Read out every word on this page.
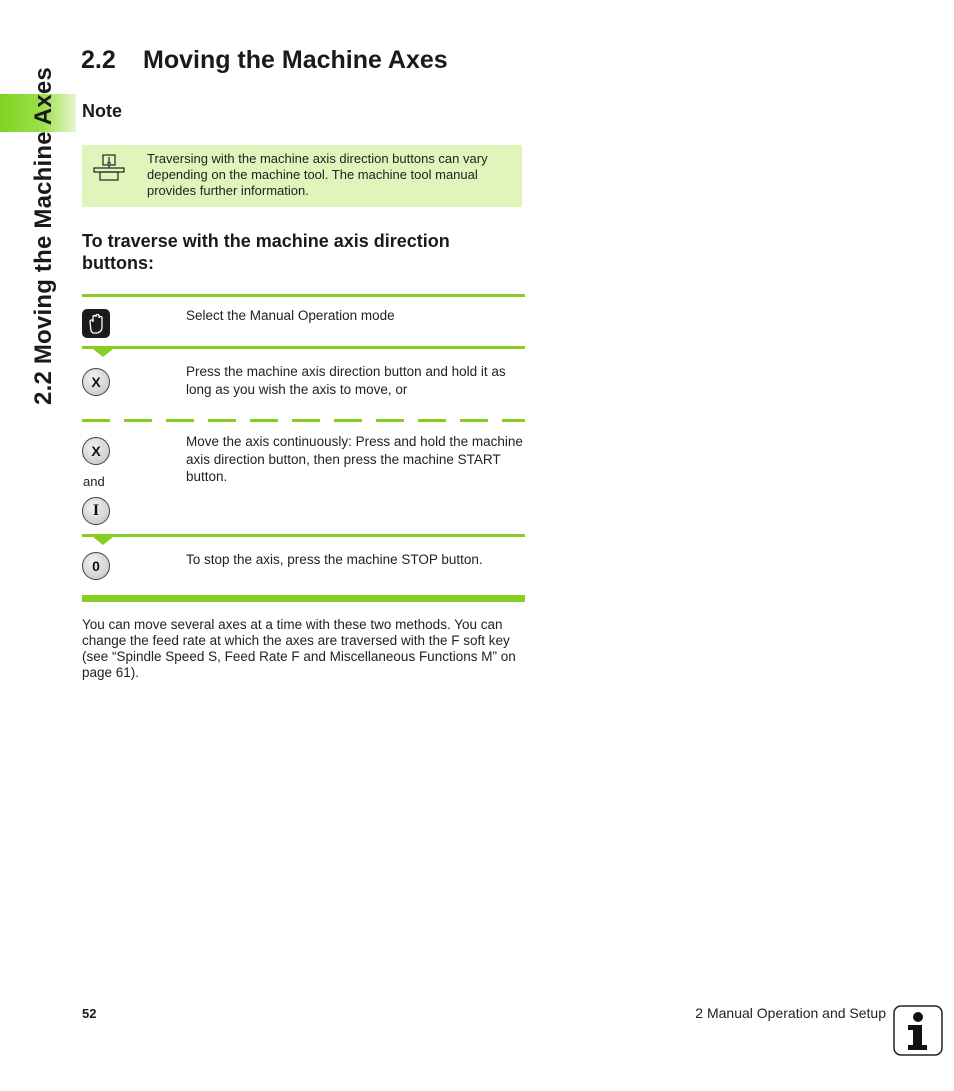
2.2 Moving the Machine Axes
2.2 Moving the Machine Axes
Note
Traversing with the machine axis direction buttons can vary depending on the machine tool. The machine tool manual provides further information.
To traverse with the machine axis direction buttons:
Select the Manual Operation mode
X
Press the machine axis direction button and hold it as long as you wish the axis to move, or
X
and
I
Move the axis continuously: Press and hold the machine axis direction button, then press the machine START button.
0	To stop the axis, press the machine STOP button.
You can move several axes at a time with these two methods. You can change the feed rate at which the axes are traversed with the F soft key (see “Spindle Speed S, Feed Rate F and Miscellaneous Functions M” on page 61).
52	2 Manual Operation and Setup
